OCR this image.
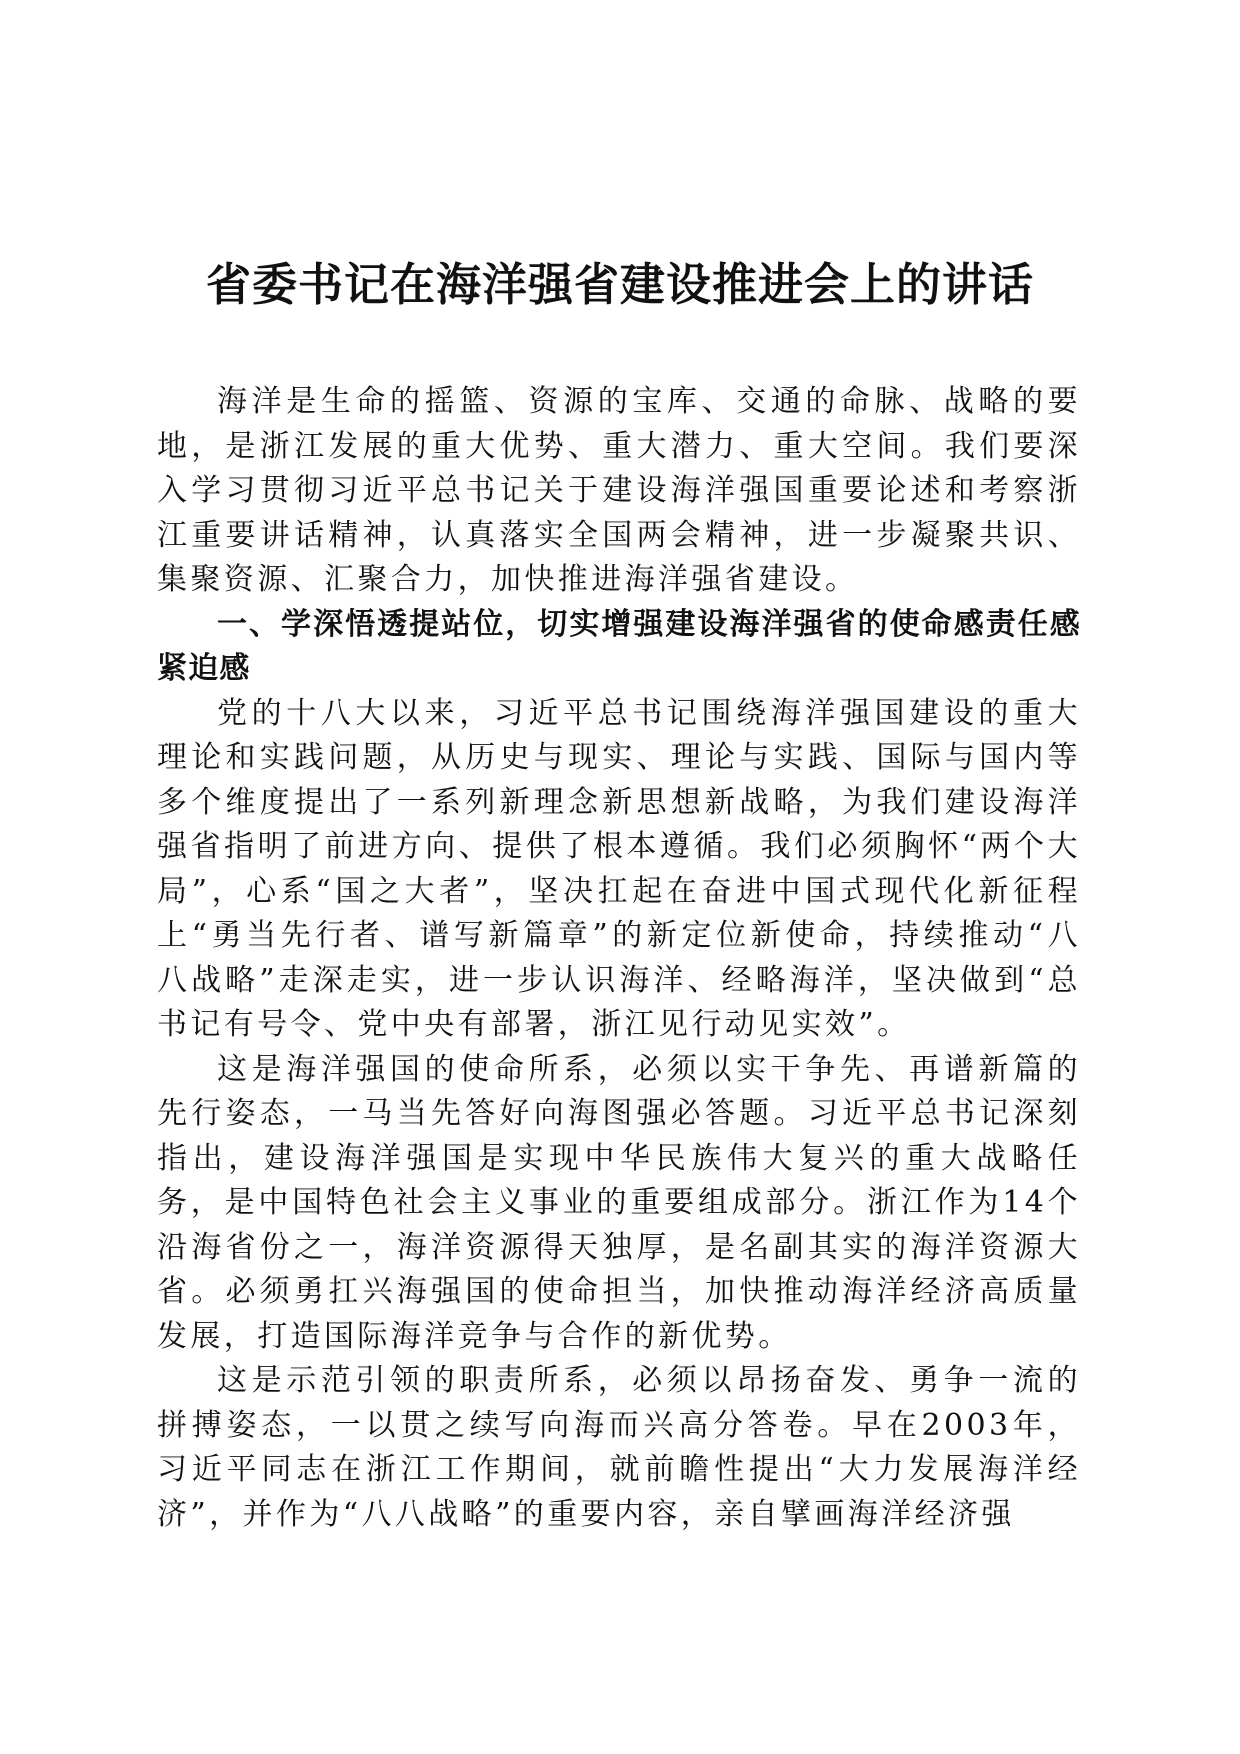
省委书记在海洋强省建设推进会上的讲话

海洋是生命的摇篮、资源的宝库、交通的命脉、战略的要地，是浙江发展的重大优势、重大潜力、重大空间。我们要深入学习贯彻习近平总书记关于建设海洋强国重要论述和考察浙江重要讲话精神，认真落实全国两会精神，进一步凝聚共识、集聚资源、汇聚合力，加快推进海洋强省建设。

一、学深悟透提站位，切实增强建设海洋强省的使命感责任感紧迫感

党的十八大以来，习近平总书记围绕海洋强国建设的重大理论和实践问题，从历史与现实、理论与实践、国际与国内等多个维度提出了一系列新理念新思想新战略，为我们建设海洋强省指明了前进方向、提供了根本遵循。我们必须胸怀“两个大局”，心系“国之大者”，坚决扛起在奋进中国式现代化新征程上“勇当先行者、谱写新篇章”的新定位新使命，持续推动“八八战略”走深走实，进一步认识海洋、经略海洋，坚决做到“总书记有号令、党中央有部署，浙江见行动见实效”。

这是海洋强国的使命所系，必须以实干争先、再谱新篇的先行姿态，一马当先答好向海图强必答题。习近平总书记深刻指出，建设海洋强国是实现中华民族伟大复兴的重大战略任务，是中国特色社会主义事业的重要组成部分。浙江作为14个沿海省份之一，海洋资源得天独厚，是名副其实的海洋资源大省。必须勇扛兴海强国的使命担当，加快推动海洋经济高质量发展，打造国际海洋竞争与合作的新优势。

这是示范引领的职责所系，必须以昂扬奋发、勇争一流的拼搏姿态，一以贯之续写向海而兴高分答卷。早在2003年，习近平同志在浙江工作期间，就前瞻性提出“大力发展海洋经济”，并作为“八八战略”的重要内容，亲自擘画海洋经济强
